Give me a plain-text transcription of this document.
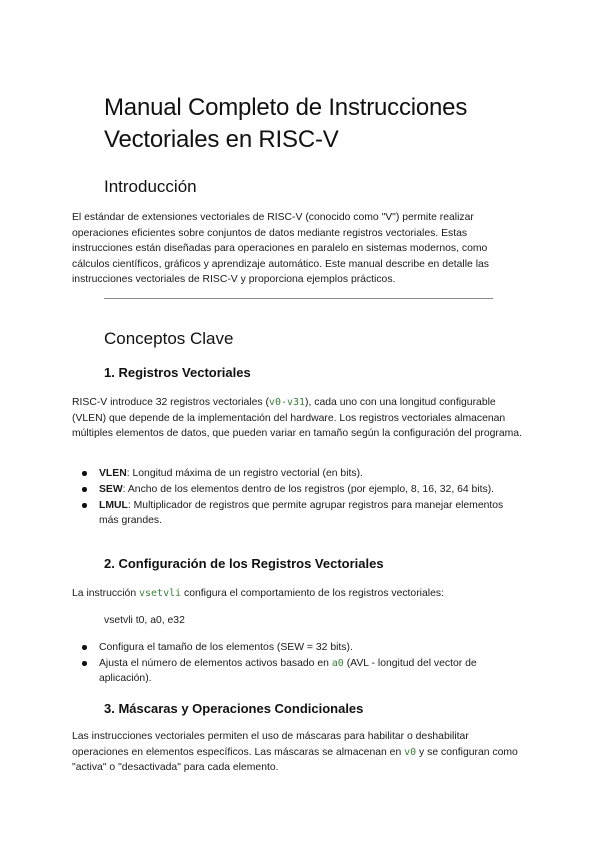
Manual Completo de Instrucciones Vectoriales en RISC-V
Introducción

El estándar de extensiones vectoriales de RISC-V (conocido como "V") permite realizar operaciones eficientes sobre conjuntos de datos mediante registros vectoriales. Estas instrucciones están diseñadas para operaciones en paralelo en sistemas modernos, como cálculos científicos, gráficos y aprendizaje automático. Este manual describe en detalle las instrucciones vectoriales de RISC-V y proporciona ejemplos prácticos.

Conceptos Clave
1. Registros Vectoriales

RISC-V introduce 32 registros vectoriales (v0-v31), cada uno con una longitud configurable (VLEN) que depende de la implementación del hardware. Los registros vectoriales almacenan múltiples elementos de datos, que pueden variar en tamaño según la configuración del programa.

VLEN: Longitud máxima de un registro vectorial (en bits).
SEW: Ancho de los elementos dentro de los registros (por ejemplo, 8, 16, 32, 64 bits).
LMUL: Multiplicador de registros que permite agrupar registros para manejar elementos más grandes.
2. Configuración de los Registros Vectoriales

La instrucción vsetvli configura el comportamiento de los registros vectoriales:

vsetvli t0, a0, e32

Configura el tamaño de los elementos (SEW = 32 bits).
Ajusta el número de elementos activos basado en a0 (AVL - longitud del vector de aplicación).
3. Máscaras y Operaciones Condicionales

Las instrucciones vectoriales permiten el uso de máscaras para habilitar o deshabilitar operaciones en elementos específicos. Las máscaras se almacenan en v0 y se configuran como "activa" o "desactivada" para cada elemento.
